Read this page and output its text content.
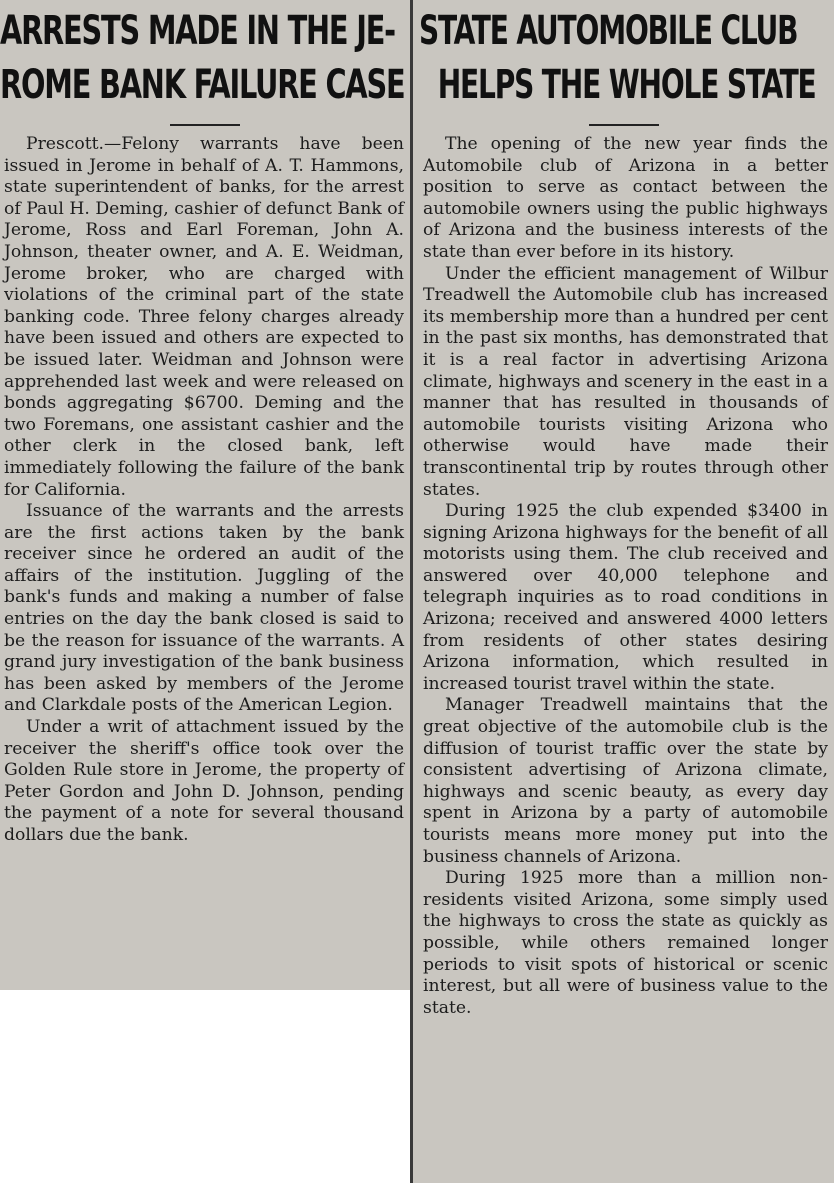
ARRESTS MADE IN THE JE-
ROME BANK FAILURE CASE

Prescott.—Felony warrants have been issued in Jerome in behalf of A. T. Hammons, state superintendent of banks, for the arrest of Paul H. Deming, cashier of defunct Bank of Jerome, Ross and Earl Foreman, John A. Johnson, theater owner, and A. E. Weidman, Jerome broker, who are charged with violations of the criminal part of the state banking code. Three felony charges already have been issued and others are expected to be issued later. Weidman and Johnson were apprehended last week and were released on bonds aggregating $6700. Deming and the two Foremans, one assistant cashier and the other clerk in the closed bank, left immediately following the failure of the bank for California.

Issuance of the warrants and the arrests are the first actions taken by the bank receiver since he ordered an audit of the affairs of the institution. Juggling of the bank's funds and making a number of false entries on the day the bank closed is said to be the reason for issuance of the warrants. A grand jury investigation of the bank business has been asked by members of the Jerome and Clarkdale posts of the American Legion.

Under a writ of attachment issued by the receiver the sheriff's office took over the Golden Rule store in Jerome, the property of Peter Gordon and John D. Johnson, pending the payment of a note for several thousand dollars due the bank.

STATE AUTOMOBILE CLUB
HELPS THE WHOLE STATE

The opening of the new year finds the Automobile club of Arizona in a better position to serve as contact between the automobile owners using the public highways of Arizona and the business interests of the state than ever before in its history.

Under the efficient management of Wilbur Treadwell the Automobile club has increased its membership more than a hundred per cent in the past six months, has demonstrated that it is a real factor in advertising Arizona climate, highways and scenery in the east in a manner that has resulted in thousands of automobile tourists visiting Arizona who otherwise would have made their transcontinental trip by routes through other states.

During 1925 the club expended $3400 in signing Arizona highways for the benefit of all motorists using them. The club received and answered over 40,000 telephone and telegraph inquiries as to road conditions in Arizona; received and answered 4000 letters from residents of other states desiring Arizona information, which resulted in increased tourist travel within the state.

Manager Treadwell maintains that the great objective of the automobile club is the diffusion of tourist traffic over the state by consistent advertising of Arizona climate, highways and scenic beauty, as every day spent in Arizona by a party of automobile tourists means more money put into the business channels of Arizona.

During 1925 more than a million non-residents visited Arizona, some simply used the highways to cross the state as quickly as possible, while others remained longer periods to visit spots of historical or scenic interest, but all were of business value to the state.
